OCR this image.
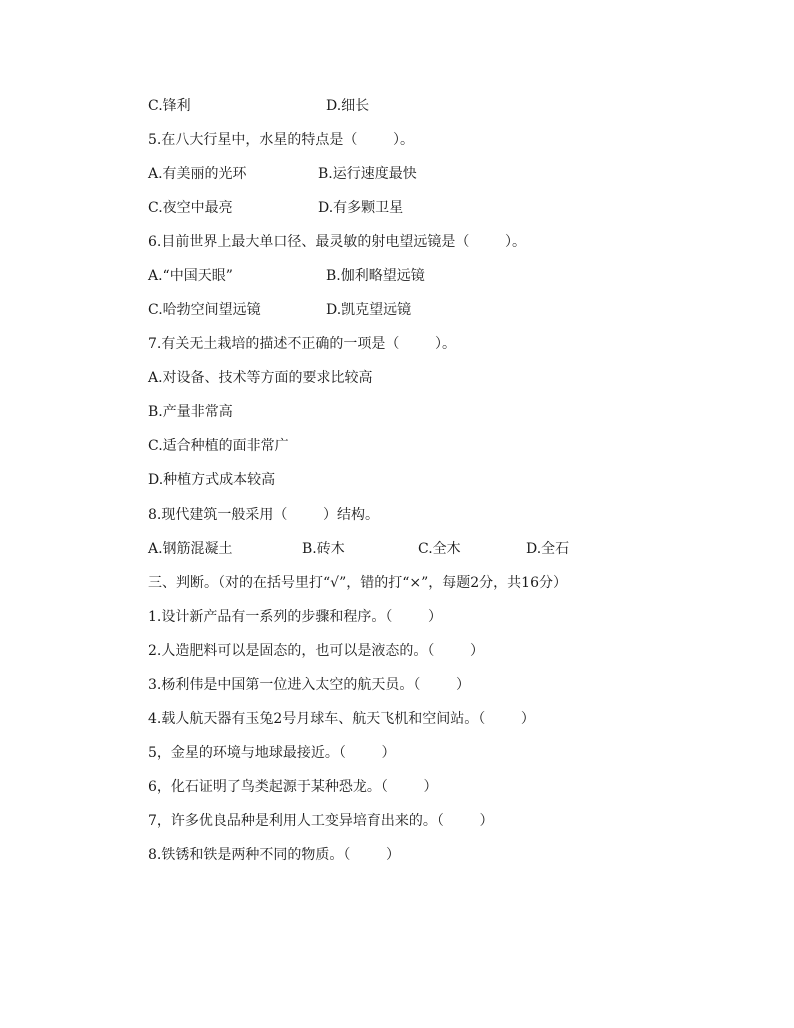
C.锋利	D.细长
5.在八大行星中，水星的特点是（        ）。
A.有美丽的光环	B.运行速度最快
C.夜空中最亮	D.有多颗卫星
6.目前世界上最大单口径、最灵敏的射电望远镜是（        ）。
A.“中国天眼”	B.伽利略望远镜
C.哈勃空间望远镜	D.凯克望远镜
7.有关无土栽培的描述不正确的一项是（        ）。
A.对设备、技术等方面的要求比较高
B.产量非常高
C.适合种植的面非常广
D.种植方式成本较高
8.现代建筑一般采用（        ）结构。
A.钢筋混凝土	B.砖木	C.全木	D.全石
三、判断。（对的在括号里打“√”，错的打“×”，每题2分，共16分）
1.设计新产品有一系列的步骤和程序。（        ）
2.人造肥料可以是固态的，也可以是液态的。（        ）
3.杨利伟是中国第一位进入太空的航天员。（        ）
4.载人航天器有玉兔2号月球车、航天飞机和空间站。（        ）
5，金星的环境与地球最接近。（        ）
6，化石证明了鸟类起源于某种恐龙。（        ）
7，许多优良品种是利用人工变异培育出来的。（        ）
8.铁锈和铁是两种不同的物质。（        ）
